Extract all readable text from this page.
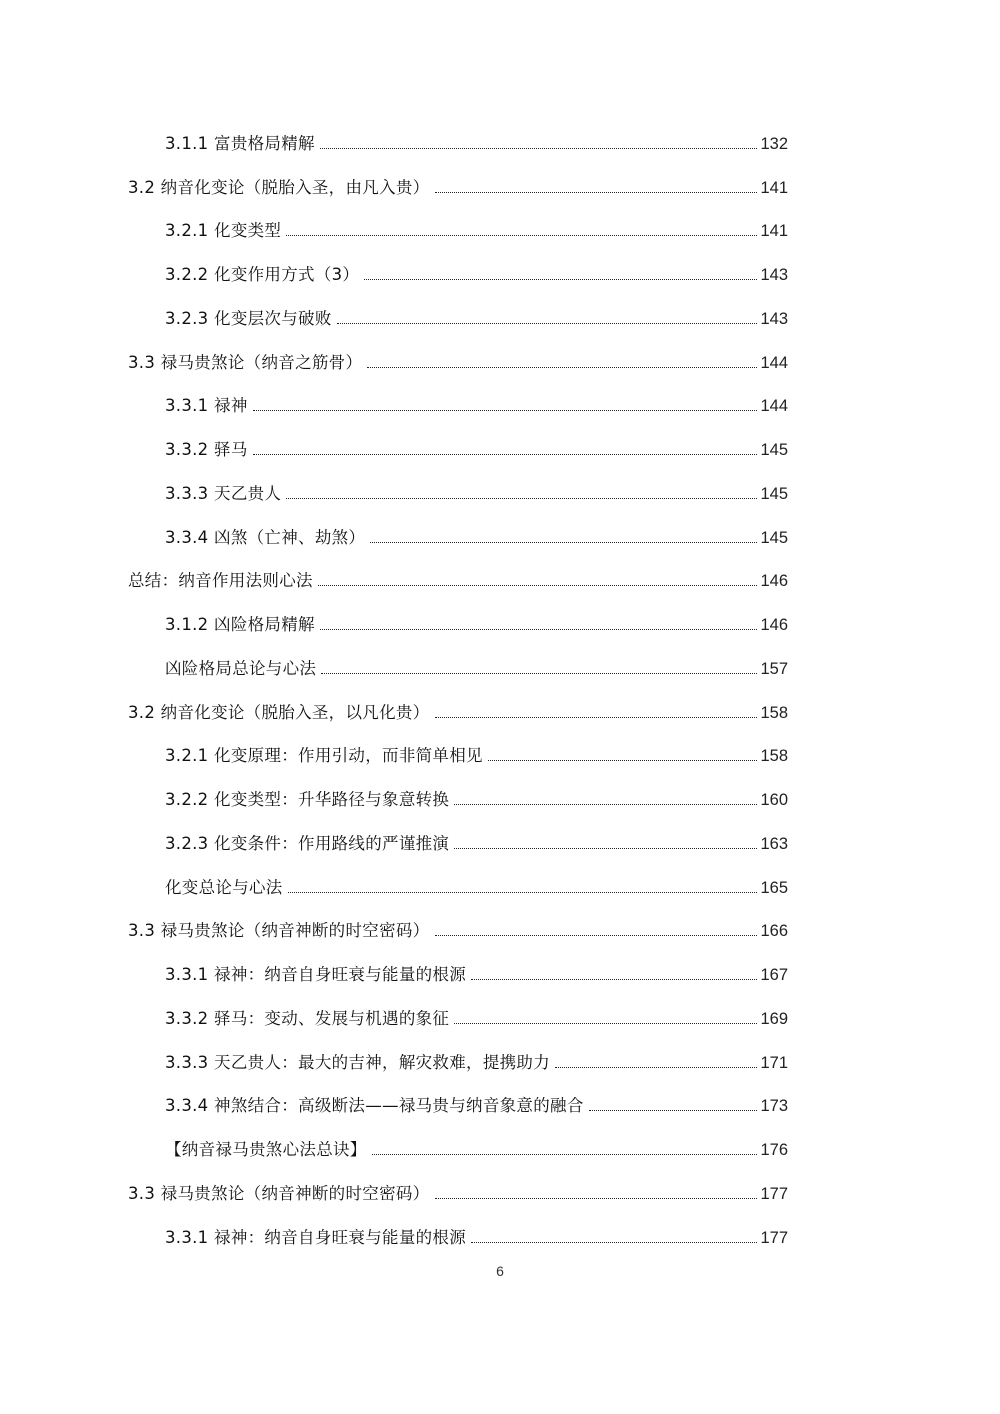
3.1.1 富贵格局精解	132
3.2 纳音化变论（脱胎入圣，由凡入贵）	141
3.2.1 化变类型	141
3.2.2 化变作用方式（3）	143
3.2.3 化变层次与破败	143
3.3 禄马贵煞论（纳音之筋骨）	144
3.3.1 禄神	144
3.3.2 驿马	145
3.3.3 天乙贵人	145
3.3.4 凶煞（亡神、劫煞）	145
总结：纳音作用法则心法	146
3.1.2 凶险格局精解	146
凶险格局总论与心法	157
3.2 纳音化变论（脱胎入圣，以凡化贵）	158
3.2.1 化变原理：作用引动，而非简单相见	158
3.2.2 化变类型：升华路径与象意转换	160
3.2.3 化变条件：作用路线的严谨推演	163
化变总论与心法	165
3.3 禄马贵煞论（纳音神断的时空密码）	166
3.3.1 禄神：纳音自身旺衰与能量的根源	167
3.3.2 驿马：变动、发展与机遇的象征	169
3.3.3 天乙贵人：最大的吉神，解灾救难，提携助力	171
3.3.4 神煞结合：高级断法——禄马贵与纳音象意的融合	173
【纳音禄马贵煞心法总诀】	176
3.3 禄马贵煞论（纳音神断的时空密码）	177
3.3.1 禄神：纳音自身旺衰与能量的根源	177
6
